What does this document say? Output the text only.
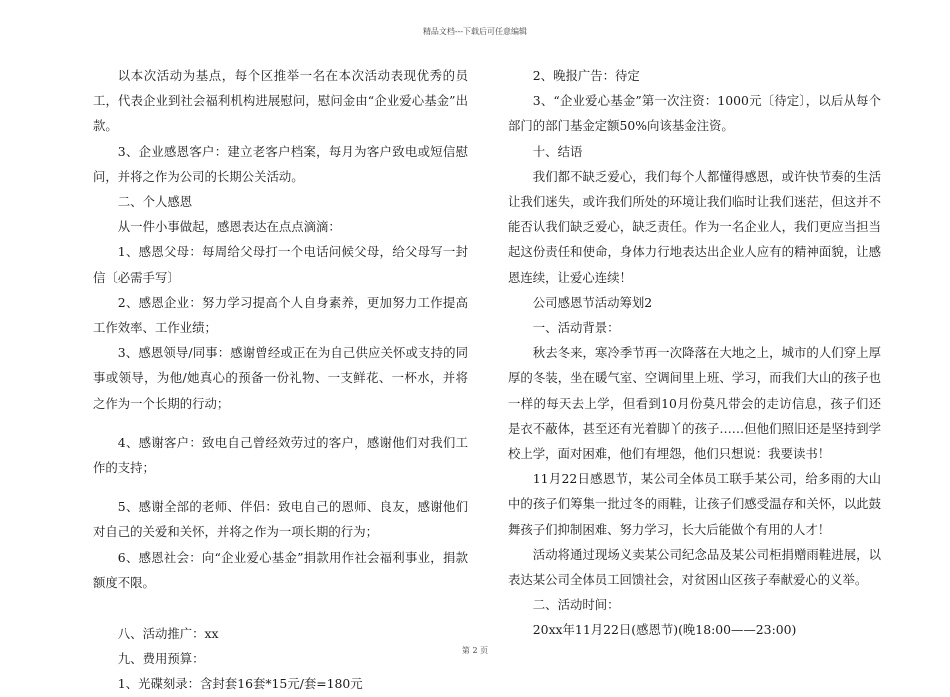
精品文档---下载后可任意编辑

以本次活动为基点，每个区推举一名在本次活动表现优秀的员工，代表企业到社会福利机构进展慰问，慰问金由“企业爱心基金”出款。

3、企业感恩客户：建立老客户档案，每月为客户致电或短信慰问，并将之作为公司的长期公关活动。

二、个人感恩

从一件小事做起，感恩表达在点点滴滴：

1、感恩父母：每周给父母打一个电话问候父母，给父母写一封信〔必需手写〕

2、感恩企业：努力学习提高个人自身素养，更加努力工作提高工作效率、工作业绩；

3、感恩领导/同事：感谢曾经或正在为自己供应关怀或支持的同事或领导，为他/她真心的预备一份礼物、一支鲜花、一杯水，并将之作为一个长期的行动；

4、感谢客户：致电自己曾经效劳过的客户，感谢他们对我们工作的支持；

5、感谢全部的老师、伴侣：致电自己的恩师、良友，感谢他们对自己的关爱和关怀，并将之作为一项长期的行为；

6、感恩社会：向“企业爱心基金”捐款用作社会福利事业，捐款额度不限。

八、活动推广：xx

九、费用预算：

1、光碟刻录：含封套16套*15元/套=180元

2、晚报广告：待定

3、“企业爱心基金”第一次注资：1000元〔待定〕，以后从每个部门的部门基金定额50%向该基金注资。

十、结语

我们都不缺乏爱心，我们每个人都懂得感恩，或许快节奏的生活让我们迷失，或许我们所处的环境让我们临时让我们迷茫，但这并不能否认我们缺乏爱心，缺乏责任。作为一名企业人，我们更应当担当起这份责任和使命，身体力行地表达出企业人应有的精神面貌，让感恩连续，让爱心连续！

公司感恩节活动筹划2

一、活动背景：

秋去冬来，寒冷季节再一次降落在大地之上，城市的人们穿上厚厚的冬装，坐在暖气室、空调间里上班、学习，而我们大山的孩子也一样的每天去上学，但看到10月份莫凡带会的走访信息，孩子们还是衣不蔽体，甚至还有光着脚丫的孩子……但他们照旧还是坚持到学校上学，面对困难，他们有埋怨，他们只想说：我要读书！

11月22日感恩节，某公司全体员工联手某公司，给多雨的大山中的孩子们筹集一批过冬的雨鞋，让孩子们感受温存和关怀，以此鼓舞孩子们抑制困难、努力学习，长大后能做个有用的人才！

活动将通过现场义卖某公司纪念品及某公司柜捐赠雨鞋进展，以表达某公司全体员工回馈社会，对贫困山区孩子奉献爱心的义举。

二、活动时间：

20xx年11月22日(感恩节)(晚18:00——23:00)

第 2 页
